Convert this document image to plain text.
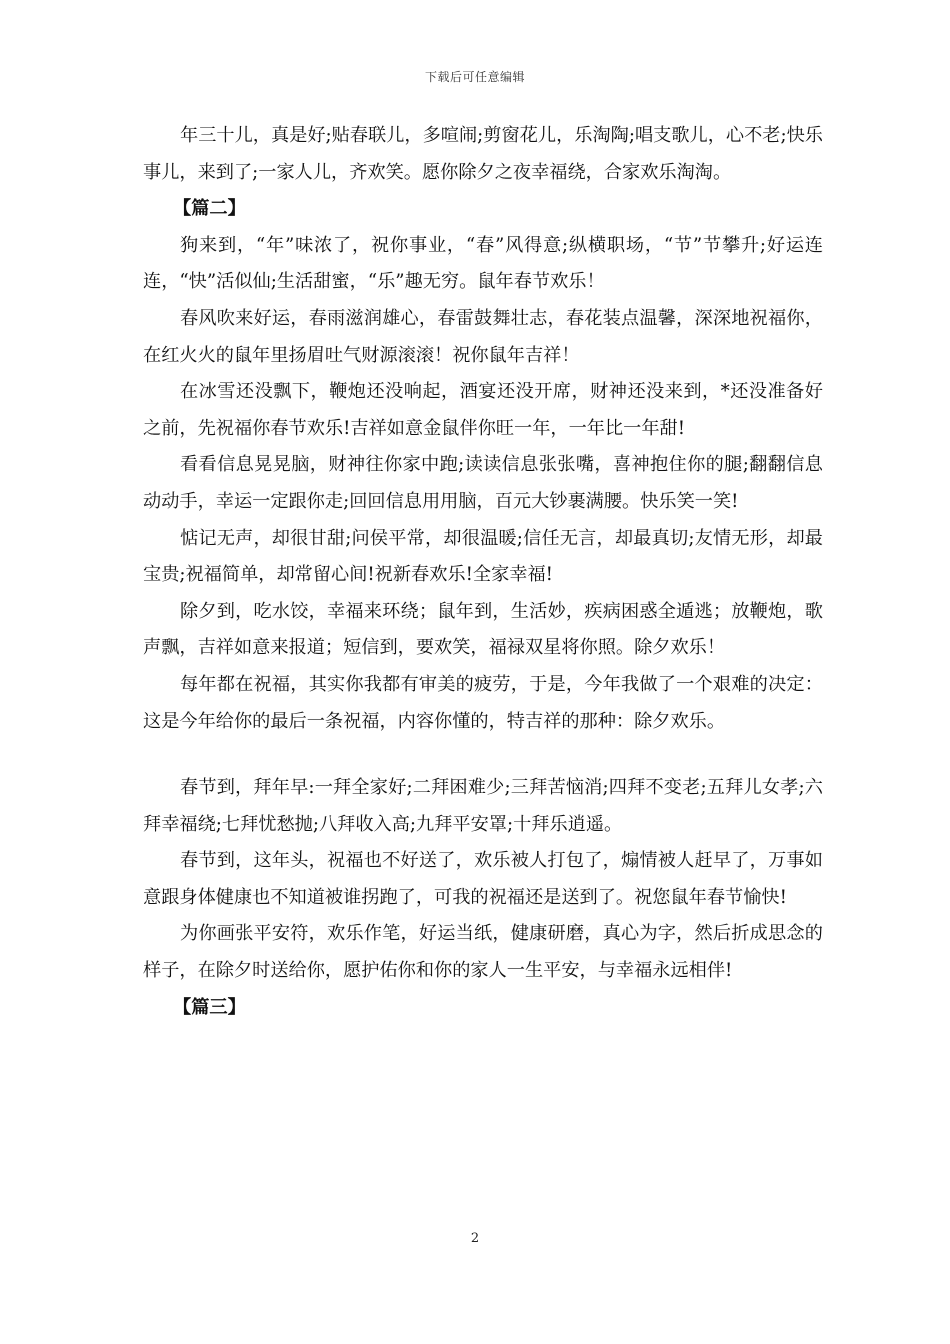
下载后可任意编辑

年三十儿，真是好;贴春联儿，多喧闹;剪窗花儿，乐淘陶;唱支歌儿，心不老;快乐事儿，来到了;一家人儿，齐欢笑。愿你除夕之夜幸福绕，合家欢乐淘淘。

【篇二】

狗来到，“年”味浓了，祝你事业，“春”风得意;纵横职场，“节”节攀升;好运连连，“快”活似仙;生活甜蜜，“乐”趣无穷。鼠年春节欢乐！

春风吹来好运，春雨滋润雄心，春雷鼓舞壮志，春花装点温馨，深深地祝福你，在红火火的鼠年里扬眉吐气财源滚滚！祝你鼠年吉祥！

在冰雪还没飘下，鞭炮还没响起，酒宴还没开席，财神还没来到，*还没准备好之前，先祝福你春节欢乐!吉祥如意金鼠伴你旺一年，一年比一年甜!

看看信息晃晃脑，财神往你家中跑;读读信息张张嘴，喜神抱住你的腿;翻翻信息动动手，幸运一定跟你走;回回信息用用脑，百元大钞裹满腰。快乐笑一笑!

惦记无声，却很甘甜;问侯平常，却很温暖;信任无言，却最真切;友情无形，却最宝贵;祝福简单，却常留心间!祝新春欢乐!全家幸福!

除夕到，吃水饺，幸福来环绕；鼠年到，生活妙，疾病困惑全遁逃；放鞭炮，歌声飘，吉祥如意来报道；短信到，要欢笑，福禄双星将你照。除夕欢乐！

每年都在祝福，其实你我都有审美的疲劳，于是，今年我做了一个艰难的决定：这是今年给你的最后一条祝福，内容你懂的，特吉祥的那种：除夕欢乐。

春节到，拜年早:一拜全家好;二拜困难少;三拜苦恼消;四拜不变老;五拜儿女孝;六拜幸福绕;七拜忧愁抛;八拜收入高;九拜平安罩;十拜乐逍遥。

春节到，这年头，祝福也不好送了，欢乐被人打包了，煽情被人赶早了，万事如意跟身体健康也不知道被谁拐跑了，可我的祝福还是送到了。祝您鼠年春节愉快!

为你画张平安符，欢乐作笔，好运当纸，健康研磨，真心为字，然后折成思念的样子，在除夕时送给你，愿护佑你和你的家人一生平安，与幸福永远相伴!

【篇三】

2
